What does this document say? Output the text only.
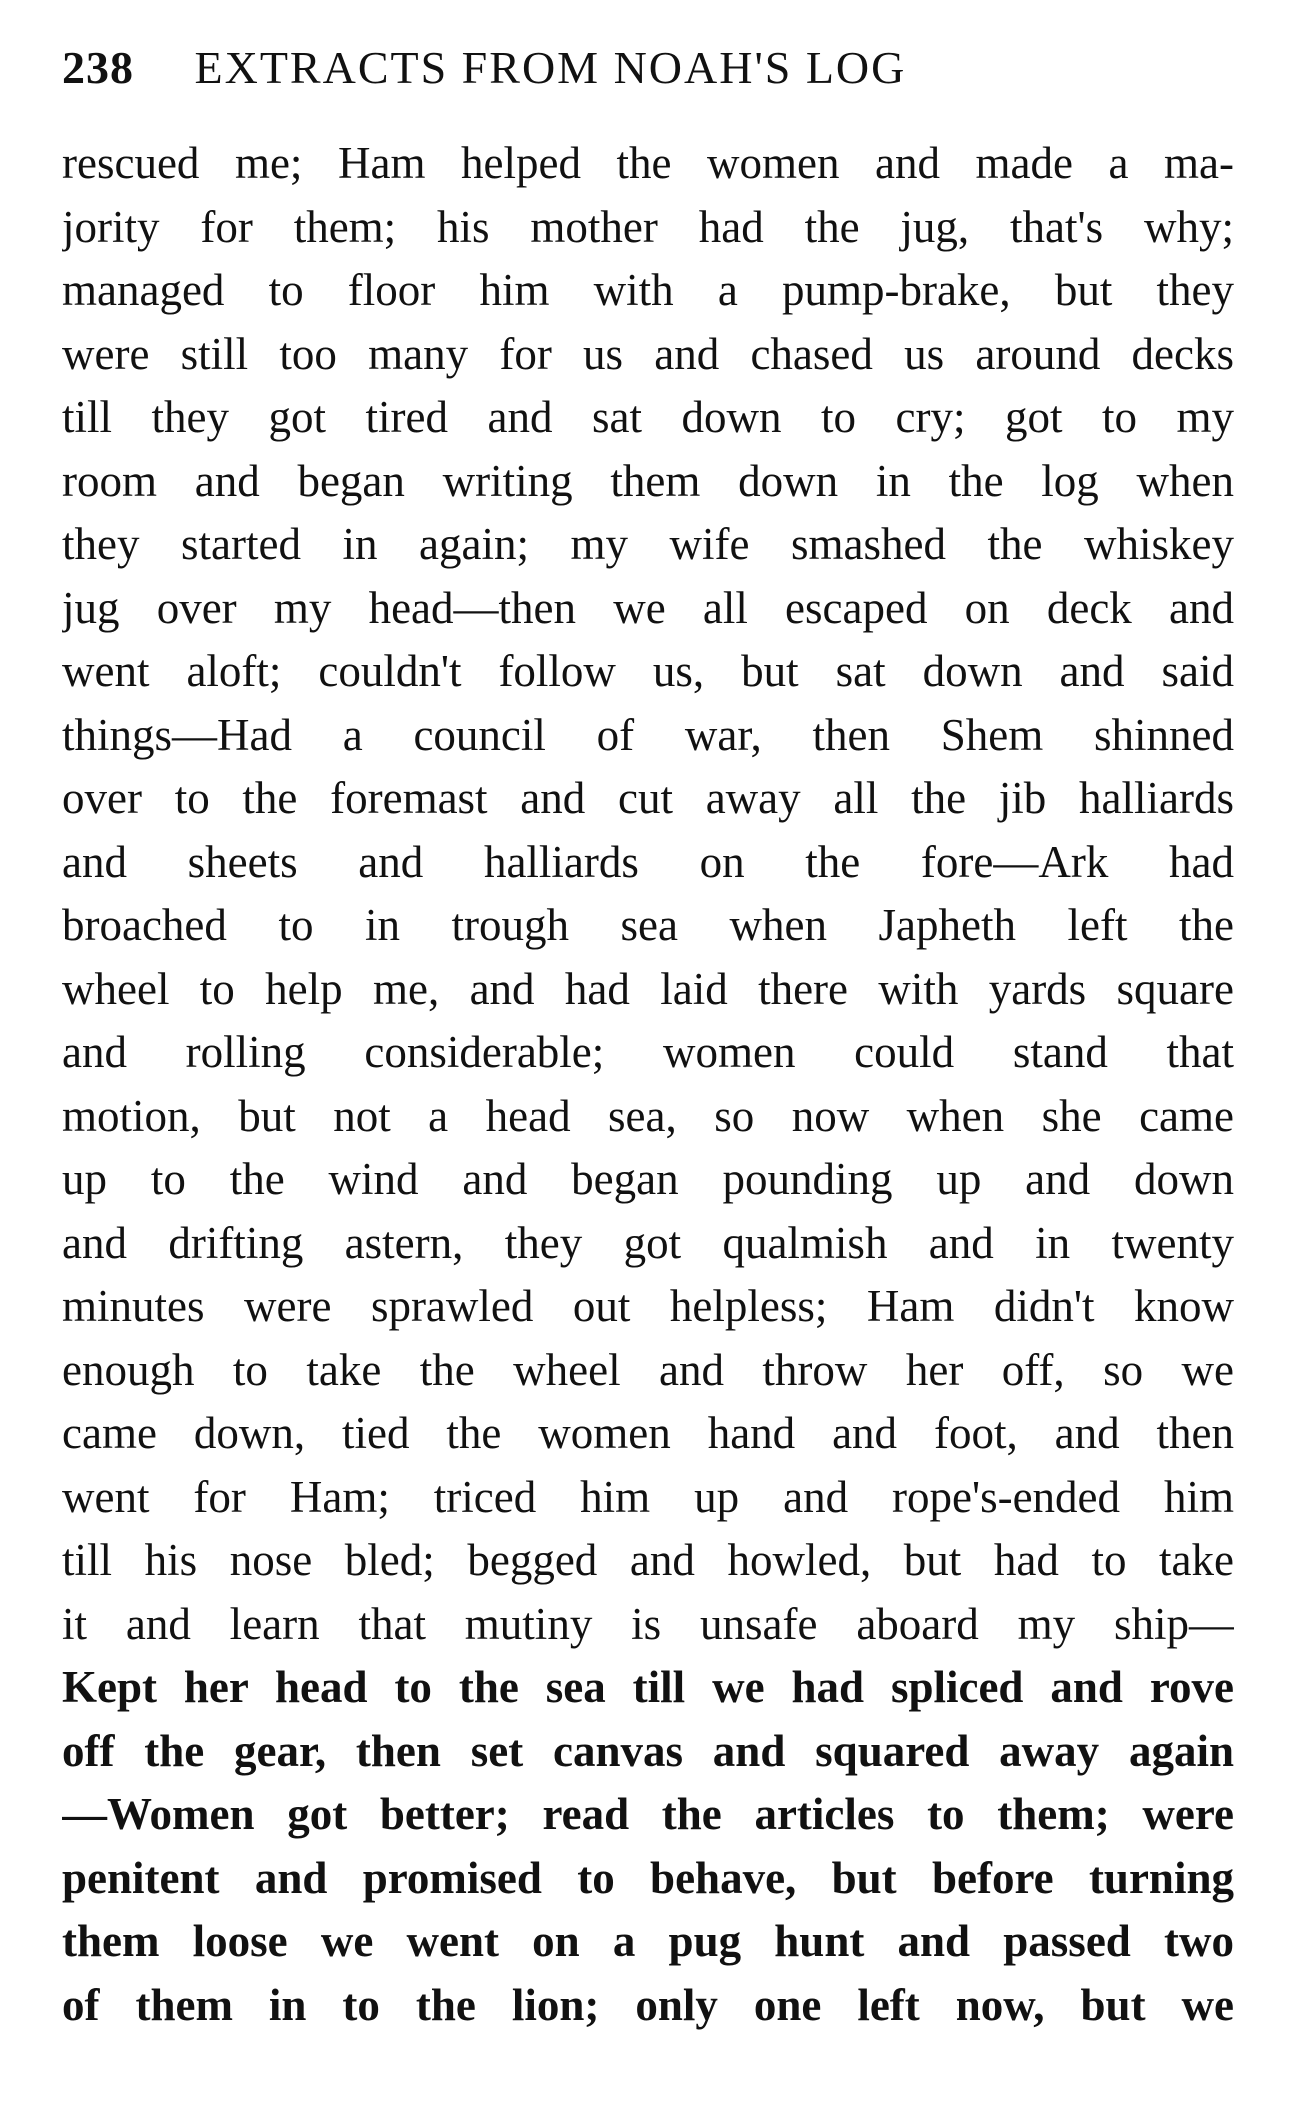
238 EXTRACTS FROM NOAH'S LOG
rescued me; Ham helped the women and made a ma-
jority for them; his mother had the jug, that's why;
managed to floor him with a pump-brake, but they
were still too many for us and chased us around decks
till they got tired and sat down to cry; got to my
room and began writing them down in the log when
they started in again; my wife smashed the whiskey
jug over my head—then we all escaped on deck and
went aloft; couldn't follow us, but sat down and said
things—Had a council of war, then Shem shinned
over to the foremast and cut away all the jib halliards
and sheets and halliards on the fore—Ark had
broached to in trough sea when Japheth left the
wheel to help me, and had laid there with yards square
and rolling considerable; women could stand that
motion, but not a head sea, so now when she came
up to the wind and began pounding up and down
and drifting astern, they got qualmish and in twenty
minutes were sprawled out helpless; Ham didn't know
enough to take the wheel and throw her off, so we
came down, tied the women hand and foot, and then
went for Ham; triced him up and rope's-ended him
till his nose bled; begged and howled, but had to take
it and learn that mutiny is unsafe aboard my ship—
Kept her head to the sea till we had spliced and rove
off the gear, then set canvas and squared away again
—Women got better; read the articles to them; were
penitent and promised to behave, but before turning
them loose we went on a pug hunt and passed two
of them in to the lion; only one left now, but we
